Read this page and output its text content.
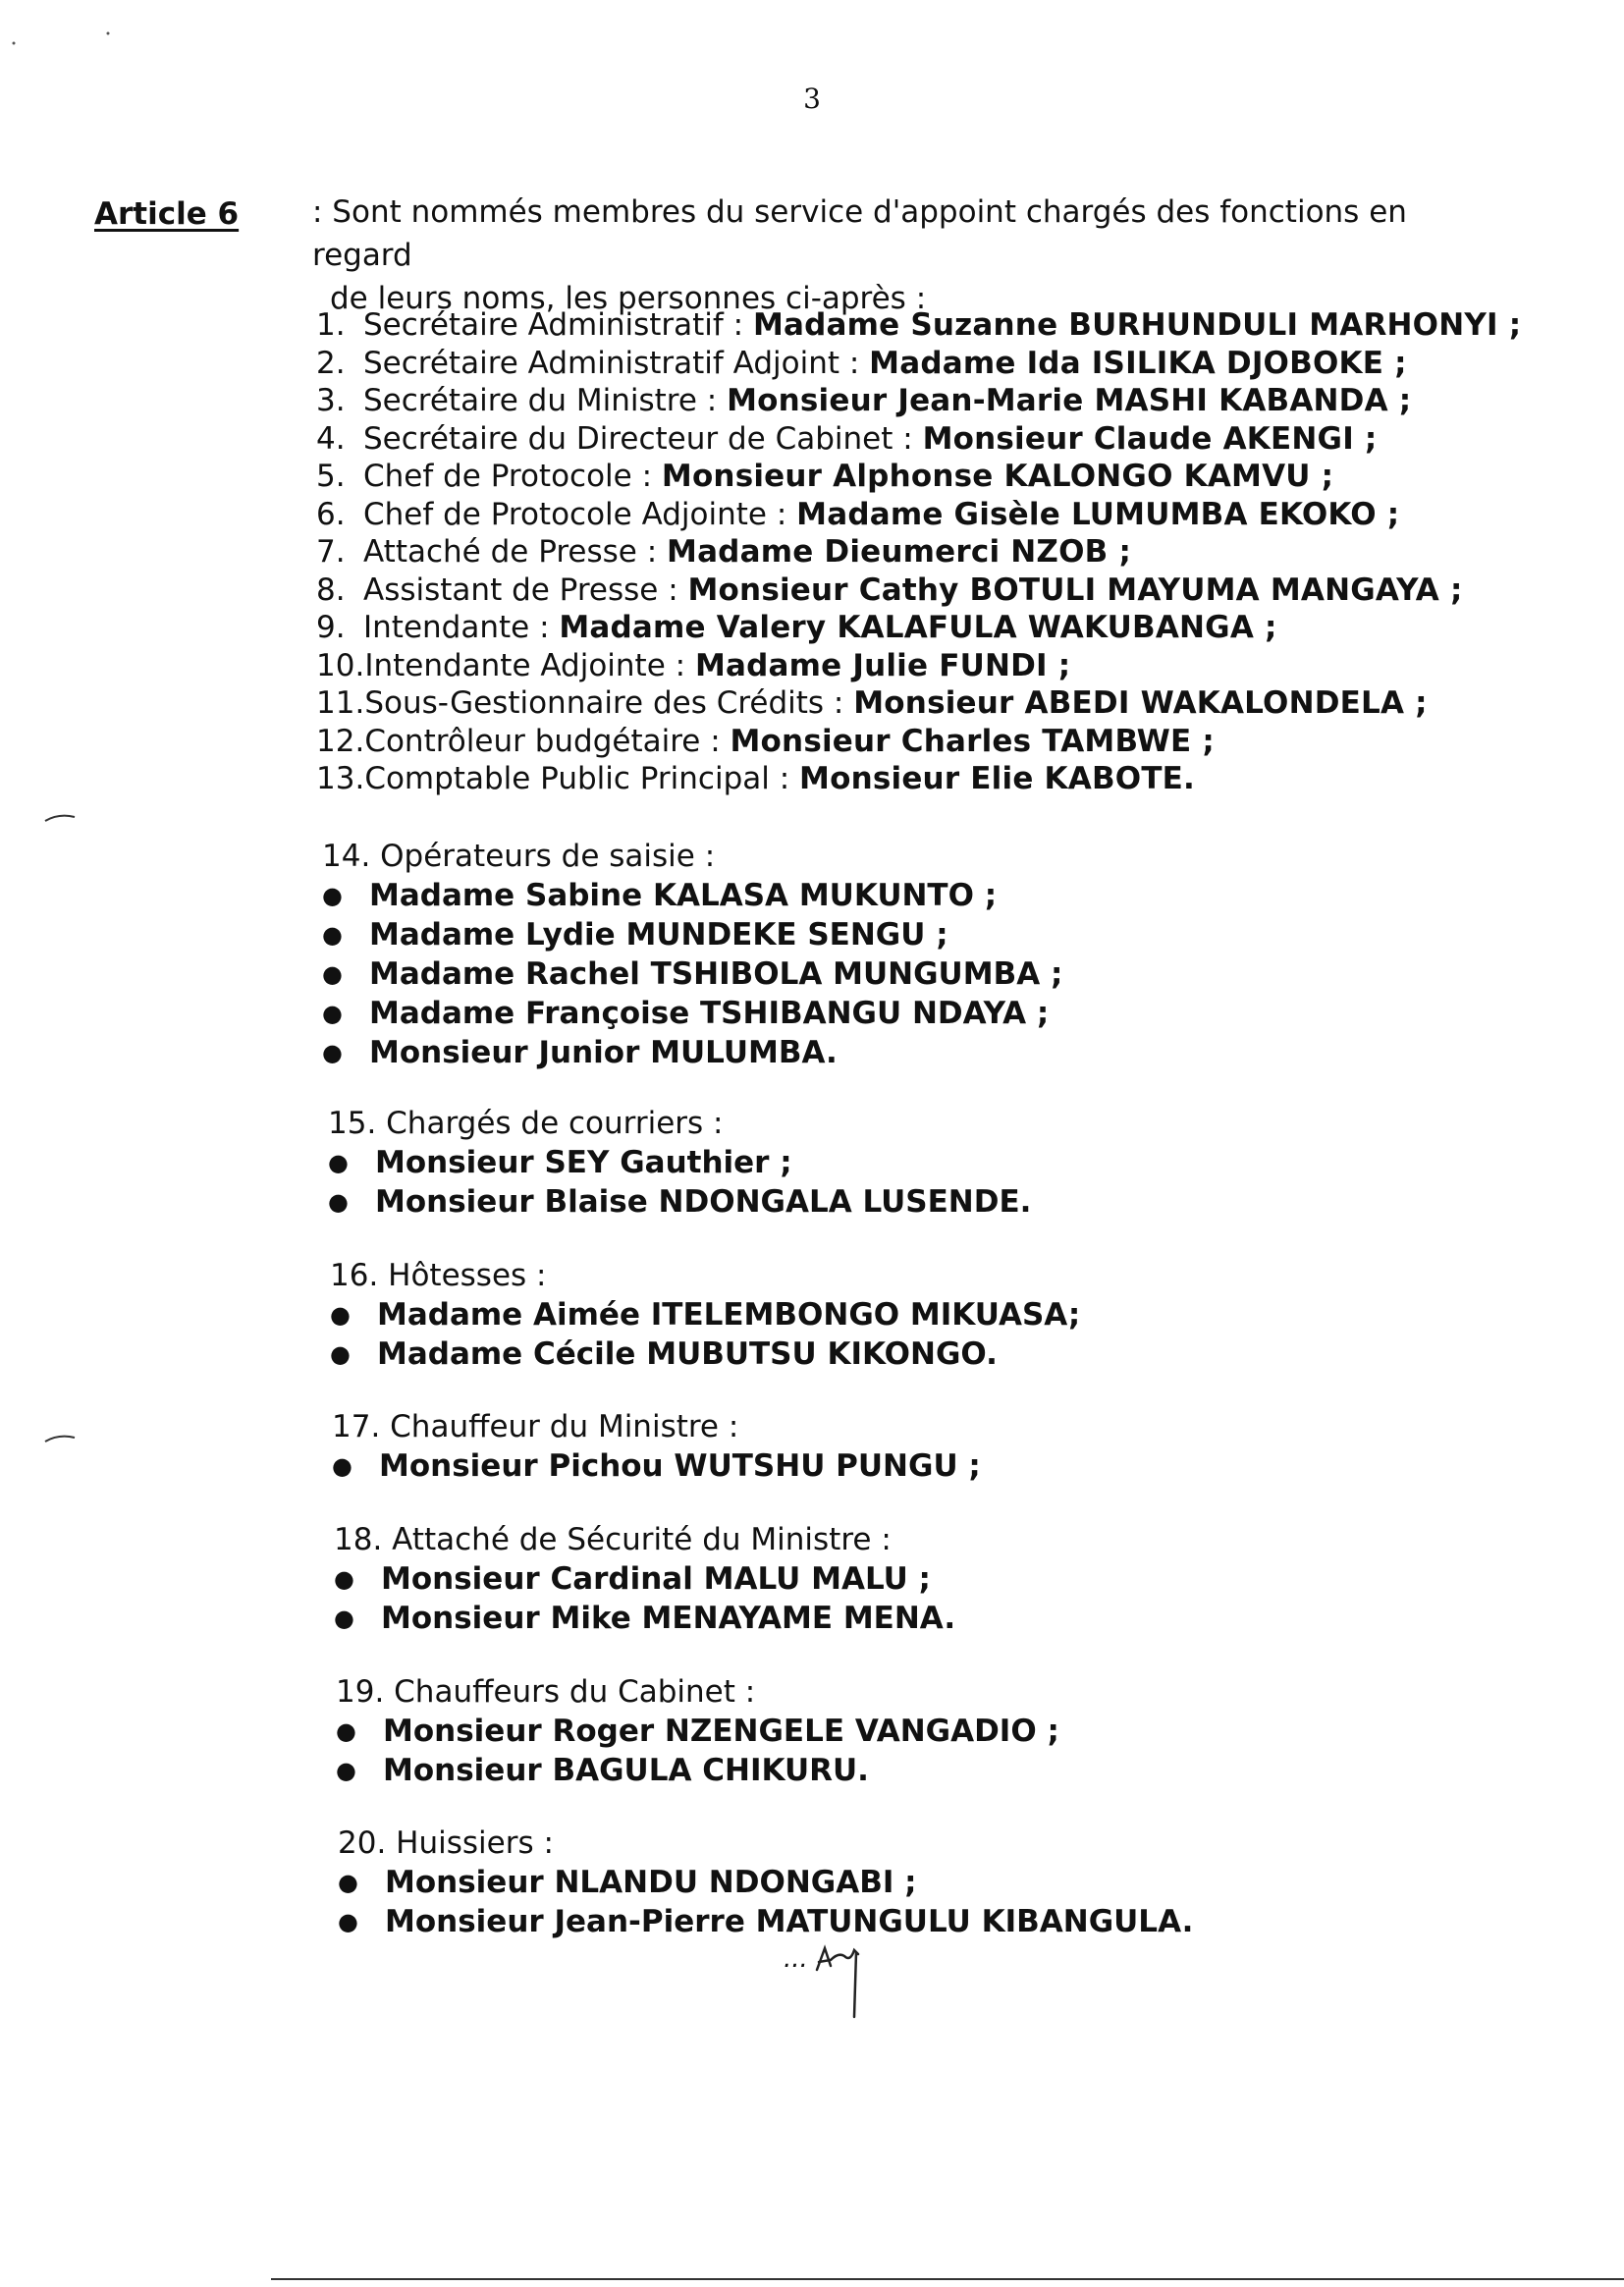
3
Article 6 : Sont nommés membres du service d'appoint chargés des fonctions en regard
de leurs noms, les personnes ci-après :
1. Secrétaire Administratif : Madame Suzanne BURHUNDULI MARHONYI ;
2. Secrétaire Administratif Adjoint : Madame Ida ISILIKA DJOBOKE ;
3. Secrétaire du Ministre : Monsieur Jean-Marie MASHI KABANDA ;
4. Secrétaire du Directeur de Cabinet : Monsieur Claude AKENGI ;
5. Chef de Protocole : Monsieur Alphonse KALONGO KAMVU ;
6. Chef de Protocole Adjointe : Madame Gisèle LUMUMBA EKOKO ;
7. Attaché de Presse : Madame Dieumerci NZOB ;
8. Assistant de Presse : Monsieur Cathy BOTULI MAYUMA MANGAYA ;
9. Intendante : Madame Valery KALAFULA WAKUBANGA ;
10.Intendante Adjointe : Madame Julie FUNDI ;
11.Sous-Gestionnaire des Crédits : Monsieur ABEDI WAKALONDELA ;
12.Contrôleur budgétaire : Monsieur Charles TAMBWE ;
13.Comptable Public Principal : Monsieur Elie KABOTE.
14. Opérateurs de saisie :
● Madame Sabine KALASA MUKUNTO ;
● Madame Lydie MUNDEKE SENGU ;
● Madame Rachel TSHIBOLA MUNGUMBA ;
● Madame Françoise TSHIBANGU NDAYA ;
● Monsieur Junior MULUMBA.
15. Chargés de courriers :
● Monsieur SEY Gauthier ;
● Monsieur Blaise NDONGALA LUSENDE.
16. Hôtesses :
● Madame Aimée ITELEMBONGO MIKUASA;
● Madame Cécile MUBUTSU KIKONGO.
17. Chauffeur du Ministre :
● Monsieur Pichou WUTSHU PUNGU ;
18. Attaché de Sécurité du Ministre :
● Monsieur Cardinal MALU MALU ;
● Monsieur Mike MENAYAME MENA.
19. Chauffeurs du Cabinet :
● Monsieur Roger NZENGELE VANGADIO ;
● Monsieur BAGULA CHIKURU.
20. Huissiers :
● Monsieur NLANDU NDONGABI ;
● Monsieur Jean-Pierre MATUNGULU KIBANGULA.
...
